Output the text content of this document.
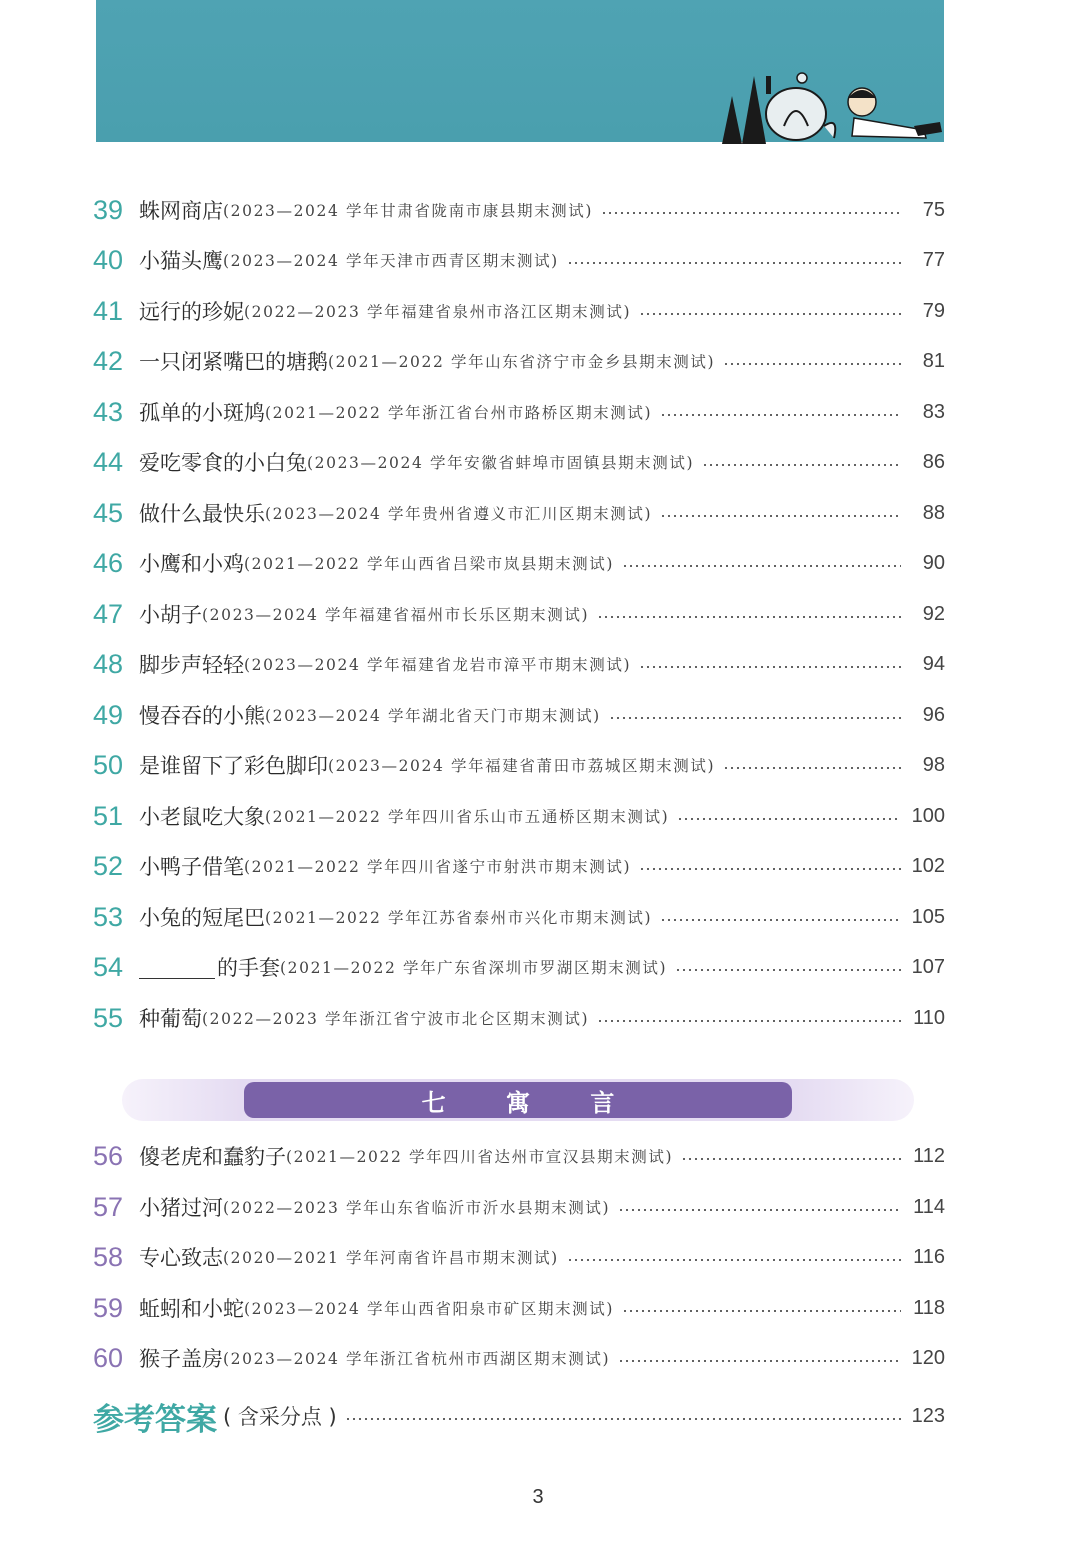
39 蛛网商店 (2023—2024 学年甘肃省陇南市康县期末测试)	75
40 小猫头鹰 (2023—2024 学年天津市西青区期末测试)	77
41 远行的珍妮 (2022—2023 学年福建省泉州市洛江区期末测试)	79
42 一只闭紧嘴巴的塘鹅 (2021—2022 学年山东省济宁市金乡县期末测试)	81
43 孤单的小斑鸠 (2021—2022 学年浙江省台州市路桥区期末测试)	83
44 爱吃零食的小白兔 (2023—2024 学年安徽省蚌埠市固镇县期末测试)	86
45 做什么最快乐 (2023—2024 学年贵州省遵义市汇川区期末测试)	88
46 小鹰和小鸡 (2021—2022 学年山西省吕梁市岚县期末测试)	90
47 小胡子 (2023—2024 学年福建省福州市长乐区期末测试)	92
48 脚步声轻轻 (2023—2024 学年福建省龙岩市漳平市期末测试)	94
49 慢吞吞的小熊 (2023—2024 学年湖北省天门市期末测试)	96
50 是谁留下了彩色脚印 (2023—2024 学年福建省莆田市荔城区期末测试)	98
51 小老鼠吃大象 (2021—2022 学年四川省乐山市五通桥区期末测试)	100
52 小鸭子借笔 (2021—2022 学年四川省遂宁市射洪市期末测试)	102
53 小兔的短尾巴 (2021—2022 学年江苏省泰州市兴化市期末测试)	105
54	的手套 (2021—2022 学年广东省深圳市罗湖区期末测试)	107
55 种葡萄 (2022—2023 学年浙江省宁波市北仑区期末测试)	110
七 寓 言
56 傻老虎和蠢豹子 (2021—2022 学年四川省达州市宣汉县期末测试)	112
57 小猪过河 (2022—2023 学年山东省临沂市沂水县期末测试)	114
58 专心致志 (2020—2021 学年河南省许昌市期末测试)	116
59 蚯蚓和小蛇 (2023—2024 学年山西省阳泉市矿区期末测试)	118
60 猴子盖房 (2023—2024 学年浙江省杭州市西湖区期末测试)	120
参考答案 ( 含采分点 )	123
3
